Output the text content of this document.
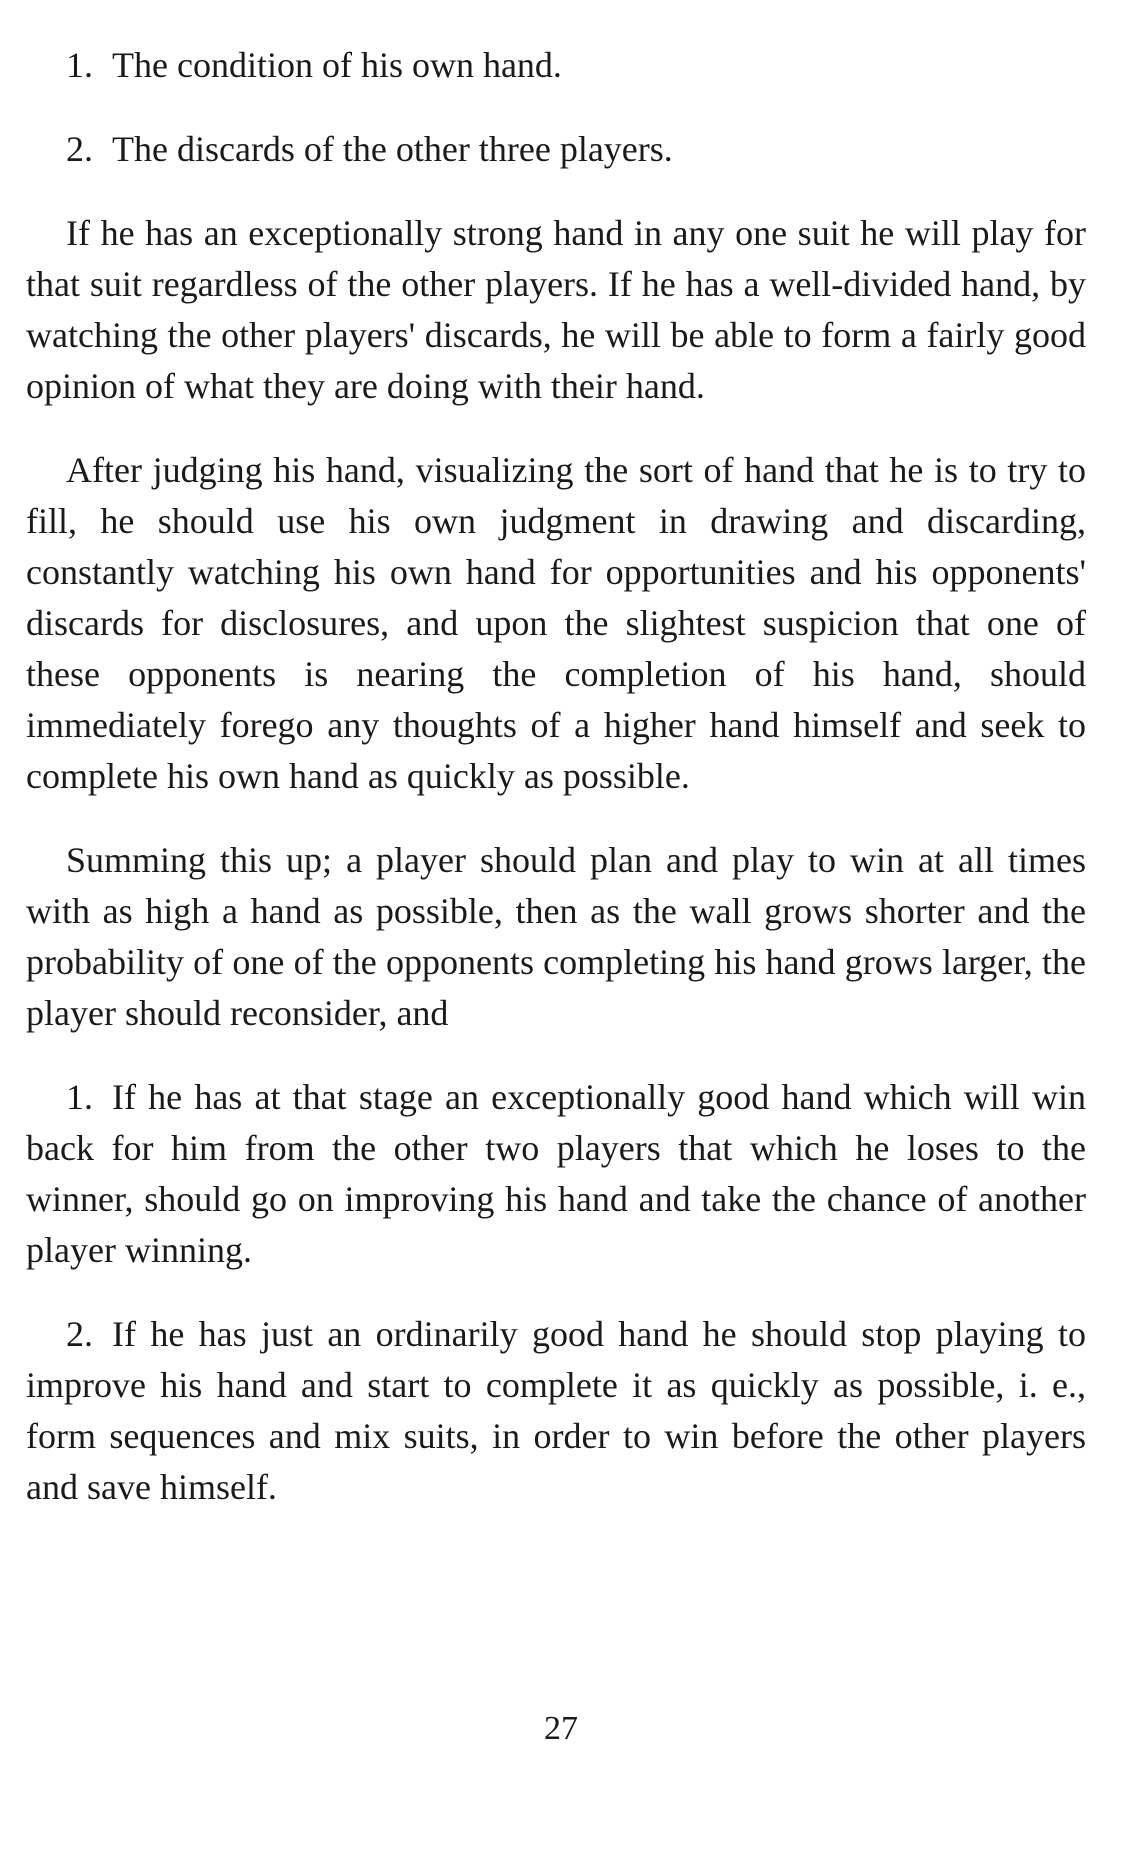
1. The condition of his own hand.

2. The discards of the other three players.

If he has an exceptionally strong hand in any one suit he will play for that suit regardless of the other players. If he has a well-divided hand, by watching the other players' discards, he will be able to form a fairly good opinion of what they are doing with their hand.

After judging his hand, visualizing the sort of hand that he is to try to fill, he should use his own judgment in drawing and discarding, constantly watching his own hand for opportunities and his opponents' discards for disclosures, and upon the slightest suspicion that one of these opponents is nearing the completion of his hand, should immediately forego any thoughts of a higher hand himself and seek to complete his own hand as quickly as possible.

Summing this up; a player should plan and play to win at all times with as high a hand as possible, then as the wall grows shorter and the probability of one of the opponents completing his hand grows larger, the player should reconsider, and

1. If he has at that stage an exceptionally good hand which will win back for him from the other two players that which he loses to the winner, should go on improving his hand and take the chance of another player winning.

2. If he has just an ordinarily good hand he should stop playing to improve his hand and start to complete it as quickly as possible, i. e., form sequences and mix suits, in order to win before the other players and save himself.

27
